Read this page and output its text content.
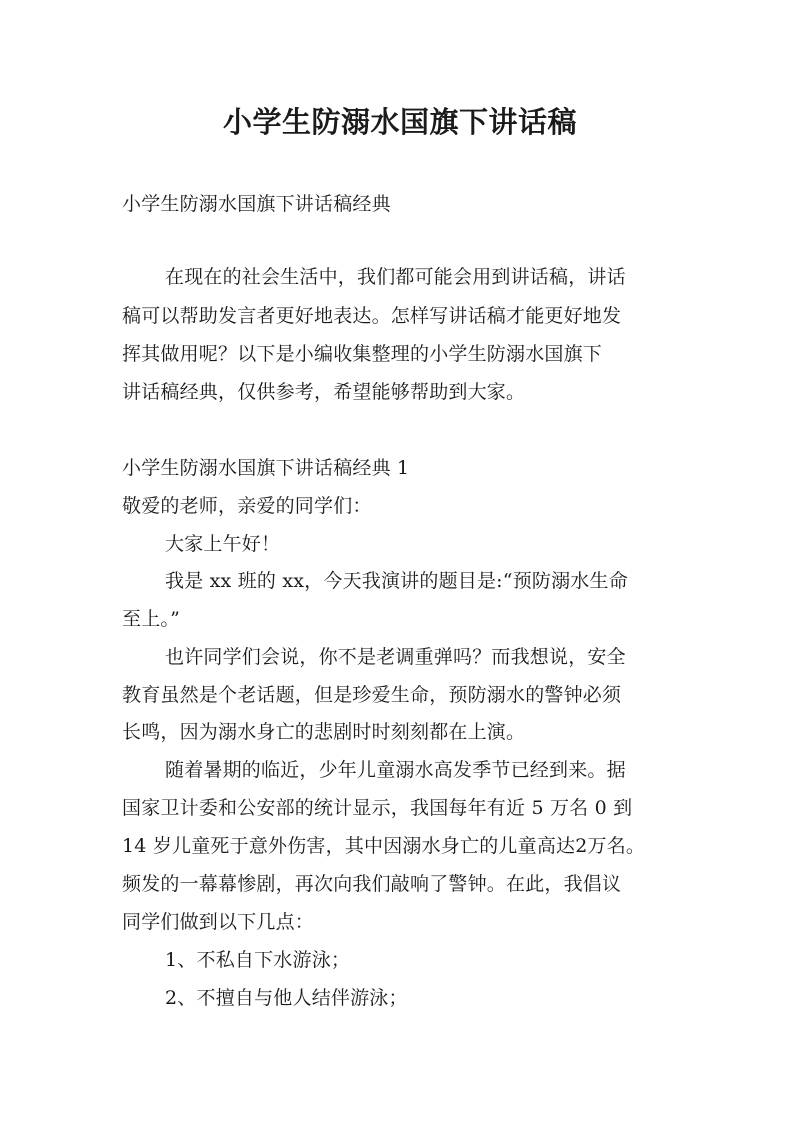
小学生防溺水国旗下讲话稿
小学生防溺水国旗下讲话稿经典
在现在的社会生活中，我们都可能会用到讲话稿，讲话
稿可以帮助发言者更好地表达。怎样写讲话稿才能更好地发
挥其做用呢？以下是小编收集整理的小学生防溺水国旗下
讲话稿经典，仅供参考，希望能够帮助到大家。
小学生防溺水国旗下讲话稿经典 1
敬爱的老师，亲爱的同学们：
大家上午好！
我是 xx 班的 xx，今天我演讲的题目是:“预防溺水生命
至上。”
也许同学们会说，你不是老调重弹吗？而我想说，安全
教育虽然是个老话题，但是珍爱生命，预防溺水的警钟必须
长鸣，因为溺水身亡的悲剧时时刻刻都在上演。
随着暑期的临近，少年儿童溺水高发季节已经到来。据
国家卫计委和公安部的统计显示，我国每年有近 5 万名 0 到
14 岁儿童死于意外伤害，其中因溺水身亡的儿童高达2万名。
频发的一幕幕惨剧，再次向我们敲响了警钟。在此，我倡议
同学们做到以下几点：
1、不私自下水游泳；
2、不擅自与他人结伴游泳；
